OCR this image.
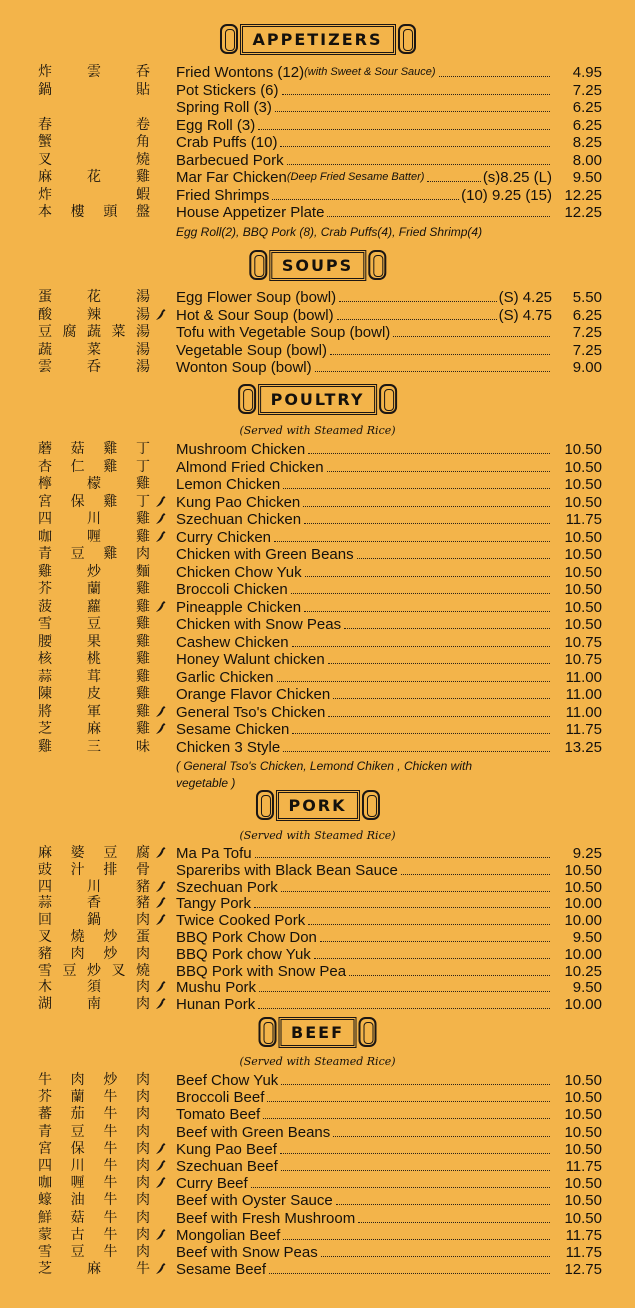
APPETIZERS
炸	雲	呑 Fried Wontons (12) (with Sweet & Sour Sauce)	4.95
鍋	貼 Pot Stickers (6)	7.25
Spring Roll (3)	6.25
春	卷 Egg Roll (3)	6.25
蟹	角 Crab Puffs (10)	8.25
叉	燒 Barbecued Pork	8.00
麻	花	雞 Mar Far Chicken (Deep Fried Sesame Batter)	(s)8.25 (L)	9.50
炸	蝦 Fried Shrimps	(10) 9.25 (15) 12.25
本 樓 頭 盤 House Appetizer Plate	12.25
Egg Roll(2), BBQ Pork (8), Crab Puffs(4), Fried Shrimp(4)
SOUPS
蛋	花	湯 Egg Flower Soup (bowl)	(S) 4.25	5.50
酸	辣	湯 Hot & Sour Soup (bowl)	(S) 4.75	6.25
豆 腐 蔬 菜 湯 Tofu with Vegetable Soup (bowl)	7.25
蔬	菜	湯 Vegetable Soup (bowl)	7.25
雲	呑	湯 Wonton Soup (bowl)	9.00
POULTRY
(Served with Steamed Rice)
蘑 菇 雞 丁 Mushroom Chicken	10.50
杏 仁 雞 丁 Almond Fried Chicken	10.50
檸	檬	雞 Lemon Chicken	10.50
宮 保 雞 丁 Kung Pao Chicken	10.50
四	川	雞 Szechuan Chicken	11.75
咖	喱	雞 Curry Chicken	10.50
青 豆 雞 肉 Chicken with Green Beans	10.50
雞	炒	麵 Chicken Chow Yuk	10.50
芥	蘭	雞 Broccoli Chicken	10.50
菠	蘿	雞 Pineapple Chicken	10.50
雪	豆	雞 Chicken with Snow Peas	10.50
腰	果	雞 Cashew Chicken	10.75
核	桃	雞 Honey Walunt chicken	10.75
蒜	茸	雞 Garlic Chicken	11.00
陳	皮	雞 Orange Flavor Chicken	11.00
將	軍	雞 General Tso's Chicken	11.00
芝	麻	雞 Sesame Chicken	11.75
雞	三	味 Chicken 3 Style	13.25
( General Tso's Chicken, Lemond Chiken , Chicken with vegetable )
PORK
(Served with Steamed Rice)
麻 婆 豆 腐 Ma Pa Tofu	9.25
豉 汁 排 骨 Spareribs with Black Bean Sauce	10.50
四	川	豬 Szechuan Pork	10.50
蒜	香	豬 Tangy Pork	10.00
回	鍋	肉 Twice Cooked Pork	10.00
叉 燒 炒 蛋 BBQ Pork Chow Don	9.50
豬 肉 炒 肉 BBQ Pork chow Yuk	10.00
雪 豆 炒 叉 燒 BBQ Pork with Snow Pea	10.25
木	須	肉 Mushu Pork	9.50
湖	南	肉 Hunan Pork	10.00
BEEF
(Served with Steamed Rice)
牛 肉 炒 肉 Beef Chow Yuk	10.50
芥 蘭 牛 肉 Broccoli Beef	10.50
蕃 茄 牛 肉 Tomato Beef	10.50
青 豆 牛 肉 Beef with Green Beans	10.50
宮 保 牛 肉 Kung Pao Beef	10.50
四 川 牛 肉 Szechuan Beef	11.75
咖 喱 牛 肉 Curry Beef	10.50
蠔 油 牛 肉 Beef with Oyster Sauce	10.50
鮮 菇 牛 肉 Beef with Fresh Mushroom	10.50
蒙 古 牛 肉 Mongolian Beef	11.75
雪 豆 牛 肉 Beef with Snow Peas	11.75
芝	麻	牛 Sesame Beef	12.75
